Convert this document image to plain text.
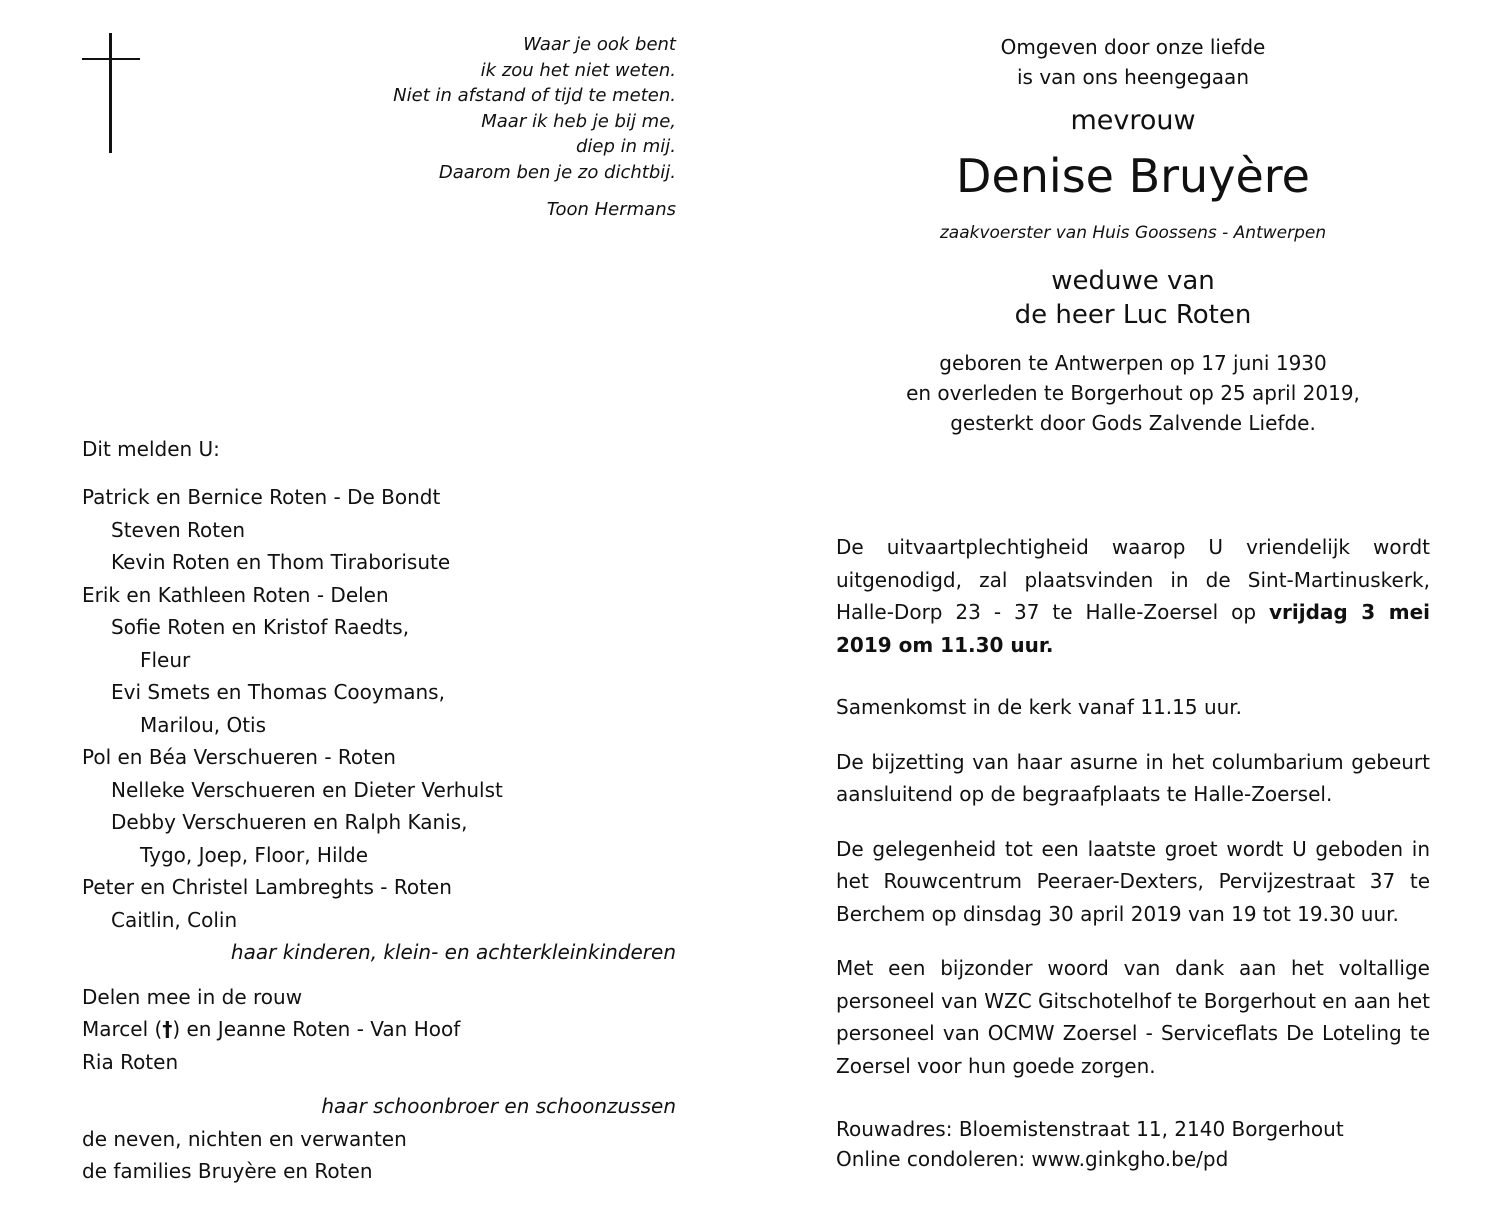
Waar je ook bent
ik zou het niet weten.
Niet in afstand of tijd te meten.
Maar ik heb je bij me,
diep in mij.
Daarom ben je zo dichtbij.
Toon Hermans
Dit melden U:
Patrick en Bernice Roten - De Bondt
Steven Roten
Kevin Roten en Thom Tiraborisute
Erik en Kathleen Roten - Delen
Sofie Roten en Kristof Raedts,
Fleur
Evi Smets en Thomas Cooymans,
Marilou, Otis
Pol en Béa Verschueren - Roten
Nelleke Verschueren en Dieter Verhulst
Debby Verschueren en Ralph Kanis,
Tygo, Joep, Floor, Hilde
Peter en Christel Lambreghts - Roten
Caitlin, Colin
haar kinderen, klein- en achterkleinkinderen
Delen mee in de rouw
Marcel (†) en Jeanne Roten - Van Hoof
Ria Roten
haar schoonbroer en schoonzussen
de neven, nichten en verwanten
de families Bruyère en Roten
Omgeven door onze liefde
is van ons heengegaan
mevrouw
Denise Bruyère
zaakvoerster van Huis Goossens - Antwerpen
weduwe van
de heer Luc Roten
geboren te Antwerpen op 17 juni 1930
en overleden te Borgerhout op 25 april 2019,
gesterkt door Gods Zalvende Liefde.

De uitvaartplechtigheid waarop U vriendelijk wordt uitgenodigd, zal plaatsvinden in de Sint-Martinuskerk, Halle-Dorp 23 - 37 te Halle-Zoersel op vrijdag 3 mei 2019 om 11.30 uur.

Samenkomst in de kerk vanaf 11.15 uur.

De bijzetting van haar asurne in het columbarium gebeurt aansluitend op de begraafplaats te Halle-Zoersel.

De gelegenheid tot een laatste groet wordt U geboden in het Rouwcentrum Peeraer-Dexters, Pervijzestraat 37 te Berchem op dinsdag 30 april 2019 van 19 tot 19.30 uur.

Met een bijzonder woord van dank aan het voltallige personeel van WZC Gitschotelhof te Borgerhout en aan het personeel van OCMW Zoersel - Serviceflats De Loteling te Zoersel voor hun goede zorgen.

Rouwadres: Bloemistenstraat 11, 2140 Borgerhout

Online condoleren: www.ginkgho.be/pd
